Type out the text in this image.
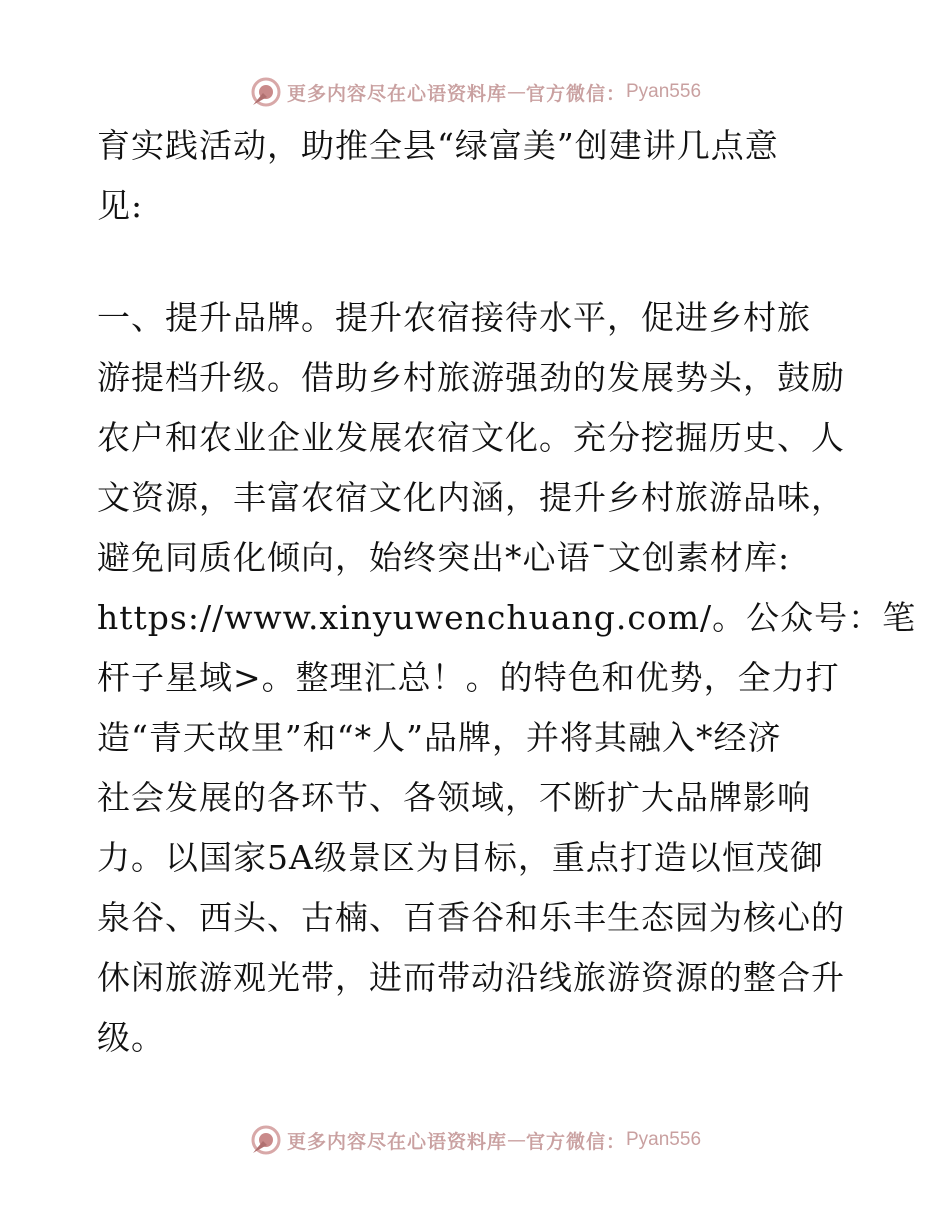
更多内容尽在心语资料库 — 官方微信： Pyan556
育实践活动，助推全县“绿富美”创建讲几点意
见:
一、提升品牌。提升农宿接待水平，促进乡村旅
游提档升级。借助乡村旅游强劲的发展势头，鼓励
农户和农业企业发展农宿文化。充分挖掘历史、人
文资源，丰富农宿文化内涵，提升乡村旅游品味，
避免同质化倾向，始终突出*心语¯文创素材库:
https://www.xinyuwenchuang.com/。公众号：笔
杆子星域>。整理汇总！。的特色和优势，全力打
造“青天故里”和“*人”品牌，并将其融入*经济
社会发展的各环节、各领域，不断扩大品牌影响
力。以国家5A级景区为目标，重点打造以恒茂御
泉谷、西头、古楠、百香谷和乐丰生态园为核心的
休闲旅游观光带，进而带动沿线旅游资源的整合升
级。
更多内容尽在心语资料库 — 官方微信： Pyan556
